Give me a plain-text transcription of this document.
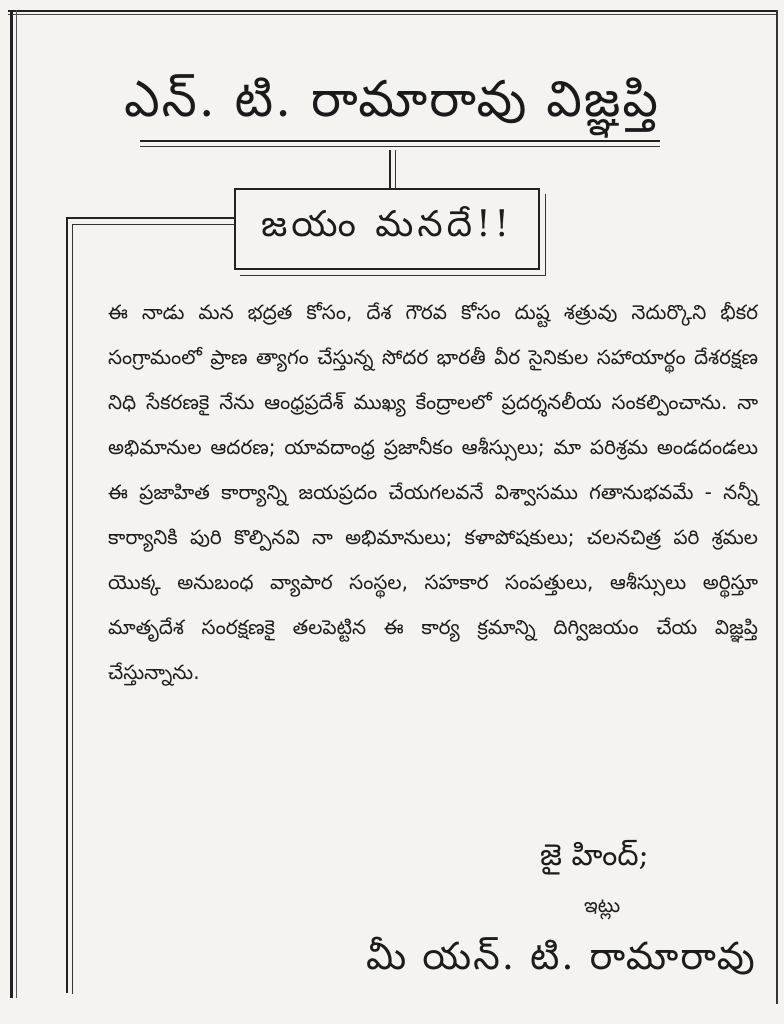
ఎన్. టి. రామారావు విజ్ఞప్తి
జయం మనదే!!
ఈ నాడు మన భద్రత కోసం, దేశ గౌరవ కోసం దుష్ట శత్రువు నెదుర్కొని భీకర సంగ్రామంలో ప్రాణ త్యాగం చేస్తున్న సోదర భారతీ వీర సైనికుల సహాయార్థం దేశరక్షణ నిధి సేకరణకై నేను ఆంధ్రప్రదేశ్ ముఖ్య కేంద్రాలలో ప్రదర్శనలీయ సంకల్పించాను. నా అభిమానుల ఆదరణ; యావదాంధ్ర ప్రజానీకం ఆశీస్సులు; మా పరిశ్రమ అండదండలు ఈ ప్రజాహిత కార్యాన్ని జయప్రదం చేయగలవనే విశ్వాసము గతానుభవమే - నన్నీ కార్యానికి పురి కొల్పినవి నా అభిమానులు; కళాపోషకులు; చలనచిత్ర పరి శ్రమల యొక్క అనుబంధ వ్యాపార సంస్థల, సహకార సంపత్తులు, ఆశీస్సులు అర్థిస్తూ మాతృదేశ సంరక్షణకై తలపెట్టిన ఈ కార్య క్రమాన్ని దిగ్విజయం చేయ విజ్ఞప్తి చేస్తున్నాను.
జై హింద్;
ఇట్లు
మీ యన్. టి. రామారావు
